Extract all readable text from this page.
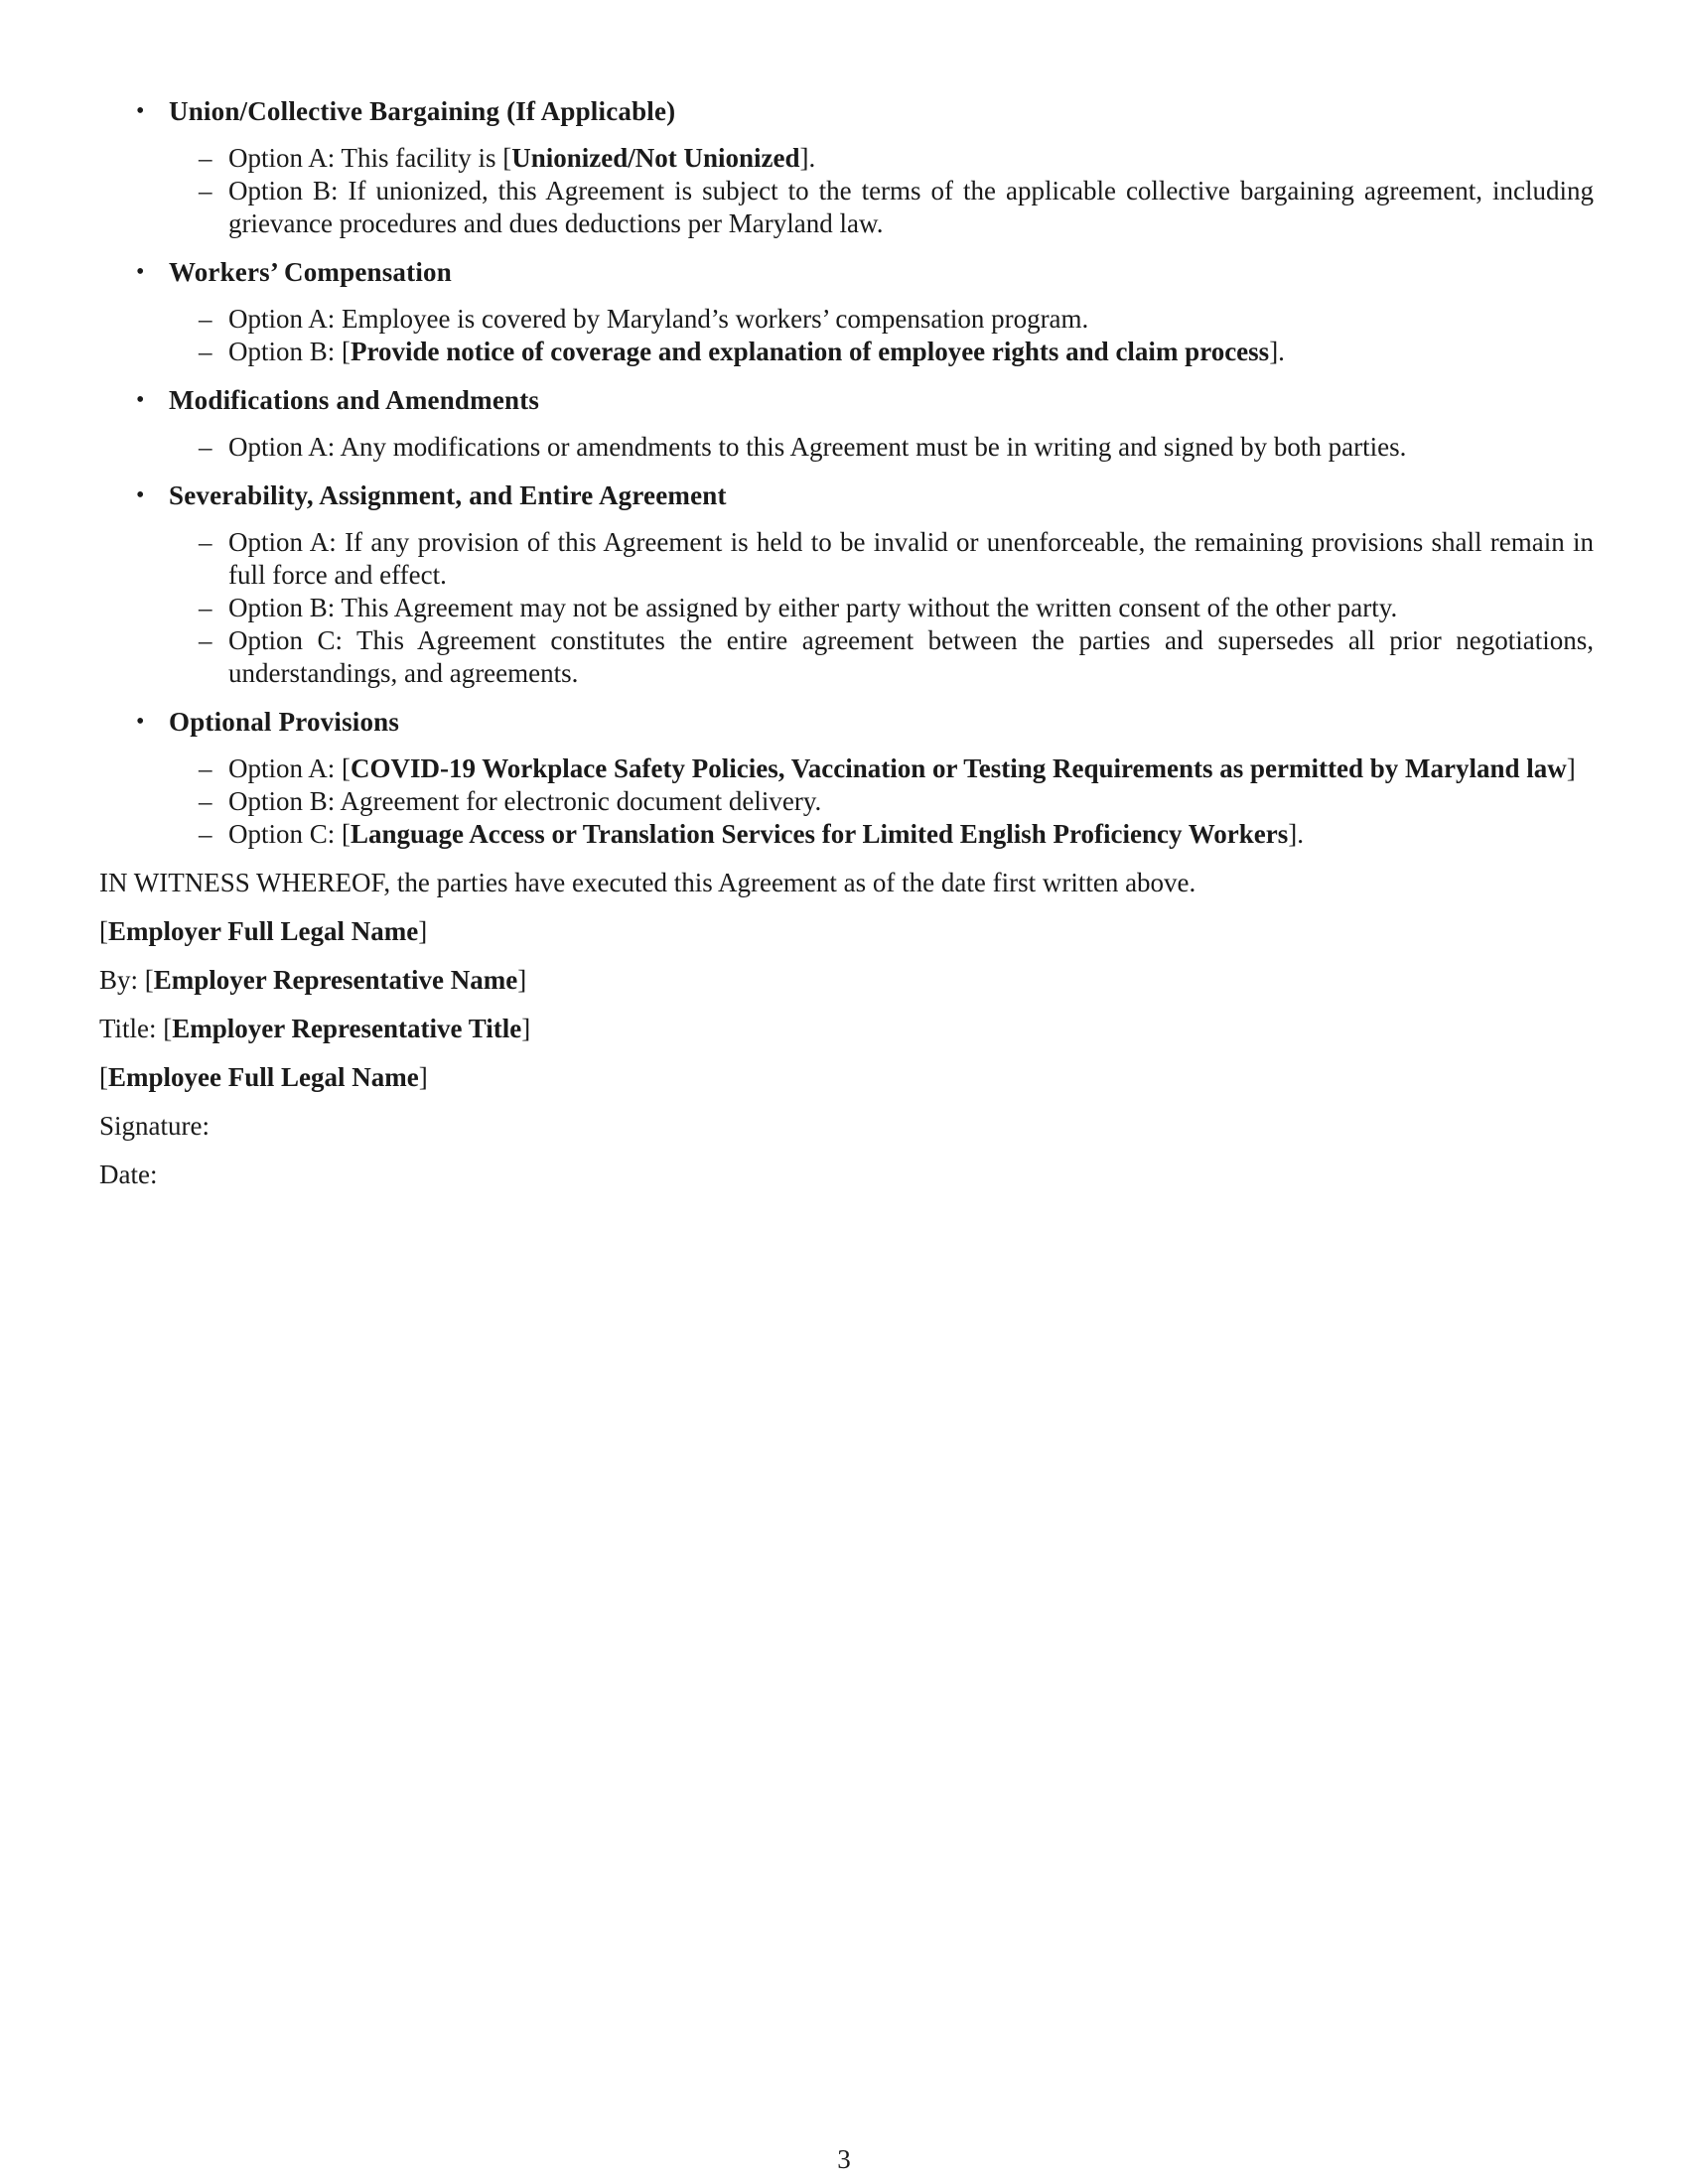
• Union/Collective Bargaining (If Applicable)
– Option A: This facility is [Unionized/Not Unionized].
– Option B: If unionized, this Agreement is subject to the terms of the applicable collective bargaining agreement, including grievance procedures and dues deductions per Maryland law.
• Workers’ Compensation
– Option A: Employee is covered by Maryland’s workers’ compensation program.
– Option B: [Provide notice of coverage and explanation of employee rights and claim process].
• Modifications and Amendments
– Option A: Any modifications or amendments to this Agreement must be in writing and signed by both parties.
• Severability, Assignment, and Entire Agreement
– Option A: If any provision of this Agreement is held to be invalid or unenforceable, the remaining provisions shall remain in full force and effect.
– Option B: This Agreement may not be assigned by either party without the written consent of the other party.
– Option C: This Agreement constitutes the entire agreement between the parties and supersedes all prior negotiations, understandings, and agreements.
• Optional Provisions
– Option A: [COVID-19 Workplace Safety Policies, Vaccination or Testing Requirements as permitted by Maryland law]
– Option B: Agreement for electronic document delivery.
– Option C: [Language Access or Translation Services for Limited English Proficiency Workers].

IN WITNESS WHEREOF, the parties have executed this Agreement as of the date first written above.

[Employer Full Legal Name]

By: [Employer Representative Name]

Title: [Employer Representative Title]

[Employee Full Legal Name]

Signature:

Date:

3
